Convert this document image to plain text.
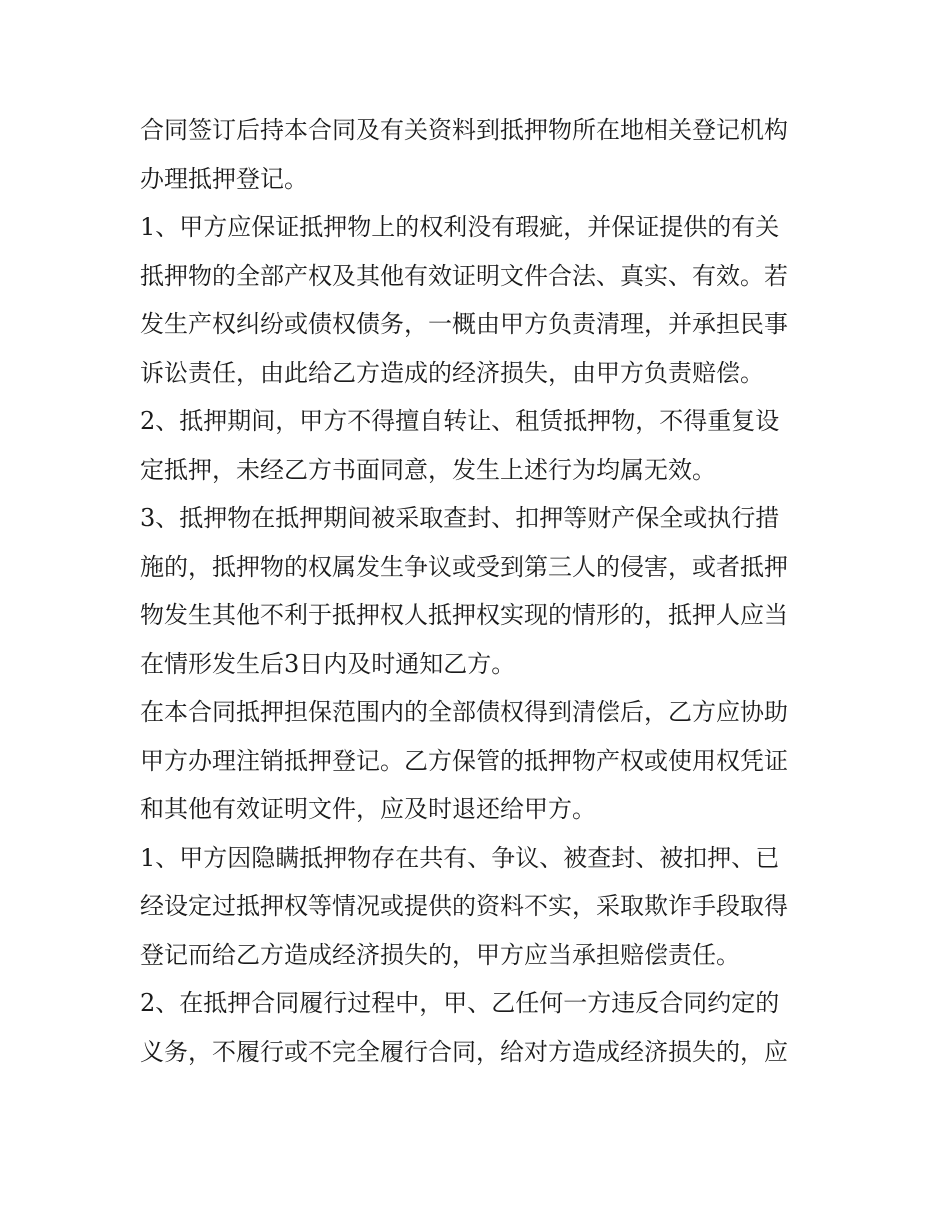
合同签订后持本合同及有关资料到抵押物所在地相关登记机构
办理抵押登记。
1、甲方应保证抵押物上的权利没有瑕疵，并保证提供的有关
抵押物的全部产权及其他有效证明文件合法、真实、有效。若
发生产权纠纷或债权债务，一概由甲方负责清理，并承担民事
诉讼责任，由此给乙方造成的经济损失，由甲方负责赔偿。
2、抵押期间，甲方不得擅自转让、租赁抵押物，不得重复设
定抵押，未经乙方书面同意，发生上述行为均属无效。
3、抵押物在抵押期间被采取查封、扣押等财产保全或执行措
施的，抵押物的权属发生争议或受到第三人的侵害，或者抵押
物发生其他不利于抵押权人抵押权实现的情形的，抵押人应当
在情形发生后3日内及时通知乙方。
在本合同抵押担保范围内的全部债权得到清偿后，乙方应协助
甲方办理注销抵押登记。乙方保管的抵押物产权或使用权凭证
和其他有效证明文件，应及时退还给甲方。
1、甲方因隐瞒抵押物存在共有、争议、被查封、被扣押、已
经设定过抵押权等情况或提供的资料不实，采取欺诈手段取得
登记而给乙方造成经济损失的，甲方应当承担赔偿责任。
2、在抵押合同履行过程中，甲、乙任何一方违反合同约定的
义务，不履行或不完全履行合同，给对方造成经济损失的，应
